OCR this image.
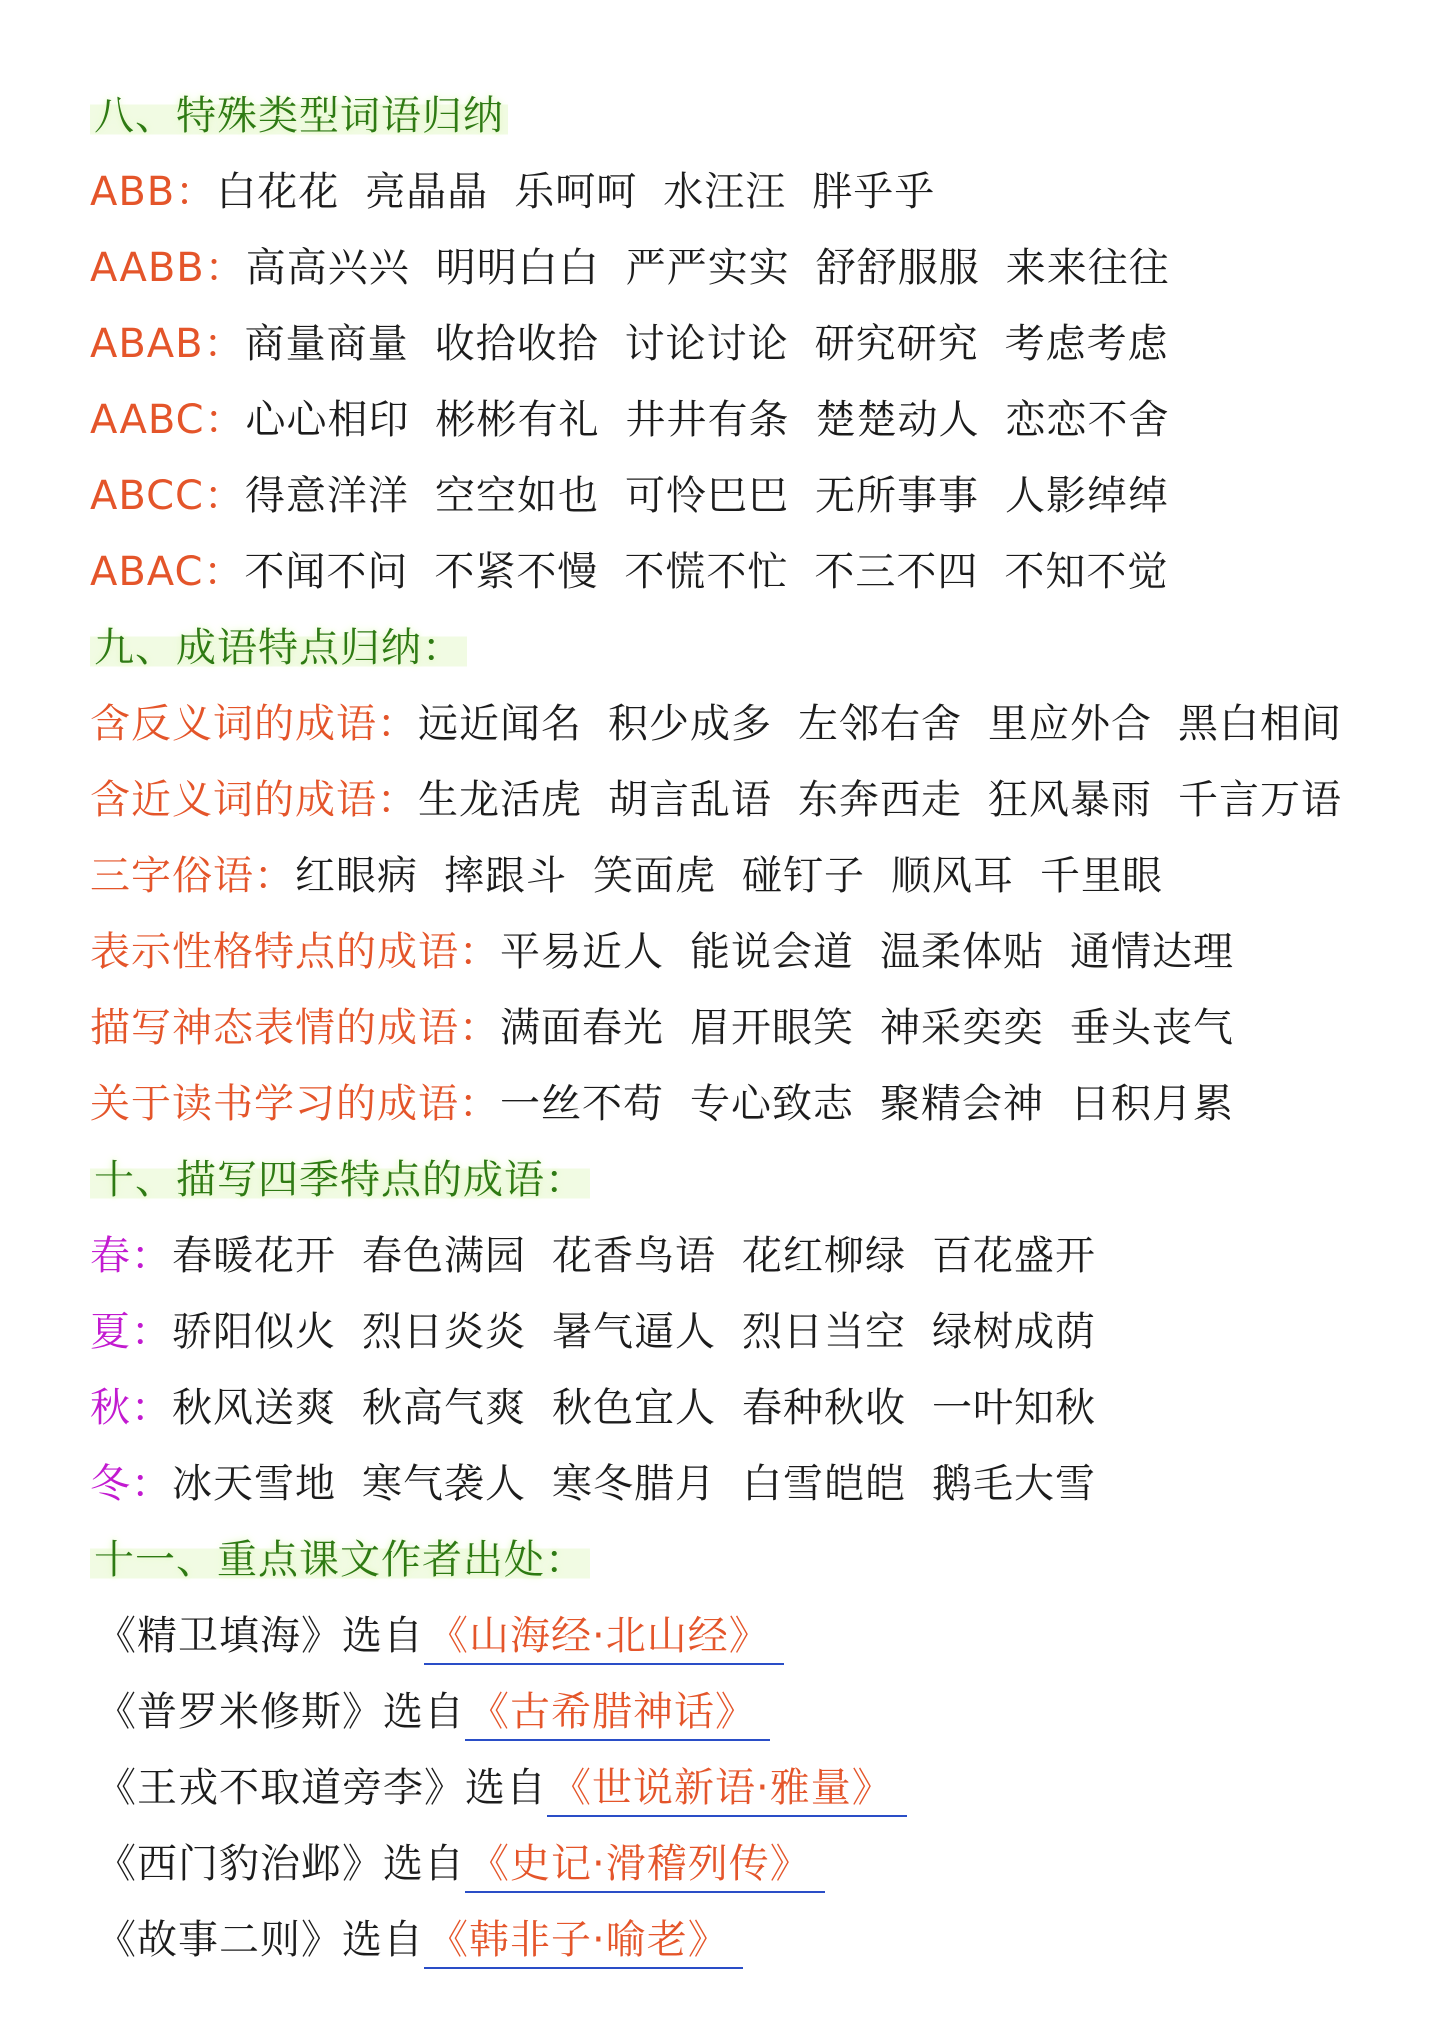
八、特殊类型词语归纳
ABB：白花花 亮晶晶 乐呵呵 水汪汪 胖乎乎
AABB：高高兴兴 明明白白 严严实实 舒舒服服 来来往往
ABAB：商量商量 收拾收拾 讨论讨论 研究研究 考虑考虑
AABC：心心相印 彬彬有礼 井井有条 楚楚动人 恋恋不舍
ABCC：得意洋洋 空空如也 可怜巴巴 无所事事 人影绰绰
ABAC：不闻不问 不紧不慢 不慌不忙 不三不四 不知不觉
九、成语特点归纳：
含反义词的成语：远近闻名 积少成多 左邻右舍 里应外合 黑白相间
含近义词的成语：生龙活虎 胡言乱语 东奔西走 狂风暴雨 千言万语
三字俗语：红眼病 摔跟斗 笑面虎 碰钉子 顺风耳 千里眼
表示性格特点的成语：平易近人 能说会道 温柔体贴 通情达理
描写神态表情的成语：满面春光 眉开眼笑 神采奕奕 垂头丧气
关于读书学习的成语：一丝不苟 专心致志 聚精会神 日积月累
十、描写四季特点的成语：
春：春暖花开 春色满园 花香鸟语 花红柳绿 百花盛开
夏：骄阳似火 烈日炎炎 暑气逼人 烈日当空 绿树成荫
秋：秋风送爽 秋高气爽 秋色宜人 春种秋收 一叶知秋
冬：冰天雪地 寒气袭人 寒冬腊月 白雪皑皑 鹅毛大雪
十一、重点课文作者出处：
《精卫填海》选自 《山海经·北山经》
《普罗米修斯》选自 《古希腊神话》
《王戎不取道旁李》选自 《世说新语·雅量》
《西门豹治邺》选自 《史记·滑稽列传》
《故事二则》选自 《韩非子·喻老》
